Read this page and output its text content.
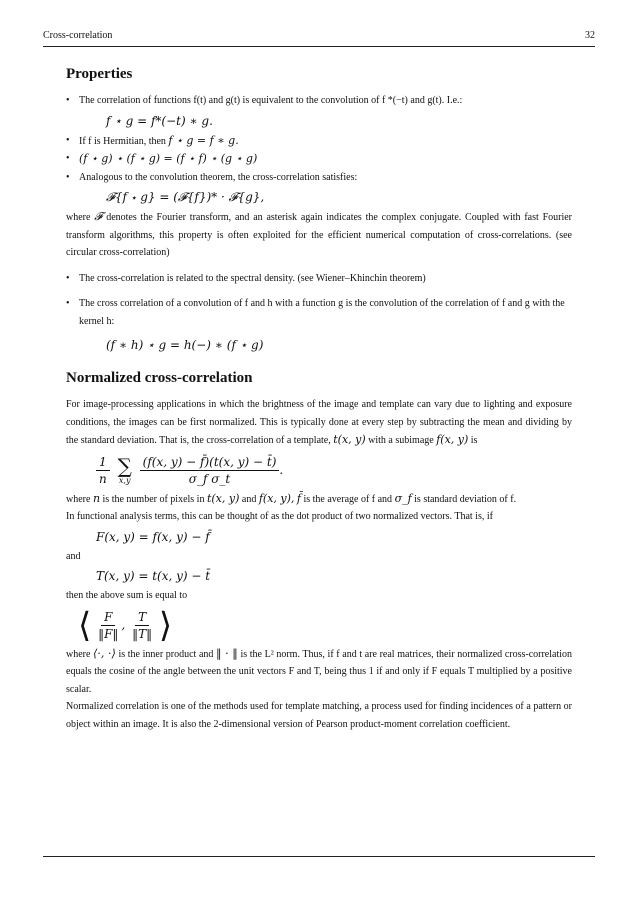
Cross-correlation	32
Properties
• The correlation of functions f(t) and g(t) is equivalent to the convolution of f *(−t) and g(t). I.e.:
f ⋆ g = f*(−t) ∗ g.
• If f is Hermitian, then f ⋆ g = f ∗ g.
• (f ⋆ g) ⋆ (f ⋆ g) = (f ⋆ f) ⋆ (g ⋆ g)
• Analogous to the convolution theorem, the cross-correlation satisfies:
𝓕{f ⋆ g} = (𝓕{f})* · 𝓕{g},
where 𝓕 denotes the Fourier transform, and an asterisk again indicates the complex conjugate. Coupled with fast Fourier transform algorithms, this property is often exploited for the efficient numerical computation of cross-correlations. (see circular cross-correlation)
• The cross-correlation is related to the spectral density. (see Wiener–Khinchin theorem)
• The cross correlation of a convolution of f and h with a function g is the convolution of the correlation of f and g with the kernel h:
(f ∗ h) ⋆ g = h(−) ∗ (f ⋆ g)
Normalized cross-correlation
For image-processing applications in which the brightness of the image and template can vary due to lighting and exposure conditions, the images can be first normalized. This is typically done at every step by subtracting the mean and dividing by the standard deviation. That is, the cross-correlation of a template, t(x, y) with a subimage f(x, y) is
$\frac{1}{n}$
∑
x,y
$\frac{(f(x, y) - f̄)(t(x, y) - t̄)}{\text{σ\_f σ\_t}}$ .
where n is the number of pixels in t(x, y) and f(x, y), f̄ is the average of f and σ_f is standard deviation of f.
In functional analysis terms, this can be thought of as the dot product of two normalized vectors. That is, if
F(x, y) = f(x, y) − f̄
and
T(x, y) = t(x, y) − t̄
then the above sum is equal to
⟨ $\frac{F}{‖F‖}$ , $\frac{T}{‖T‖}$ ⟩
where ⟨·, ·⟩ is the inner product and ‖ · ‖ is the L² norm. Thus, if f and t are real matrices, their normalized cross-correlation equals the cosine of the angle between the unit vectors F and T, being thus 1 if and only if F equals T multiplied by a positive scalar.
Normalized correlation is one of the methods used for template matching, a process used for finding incidences of a pattern or object within an image. It is also the 2-dimensional version of Pearson product-moment correlation coefficient.
